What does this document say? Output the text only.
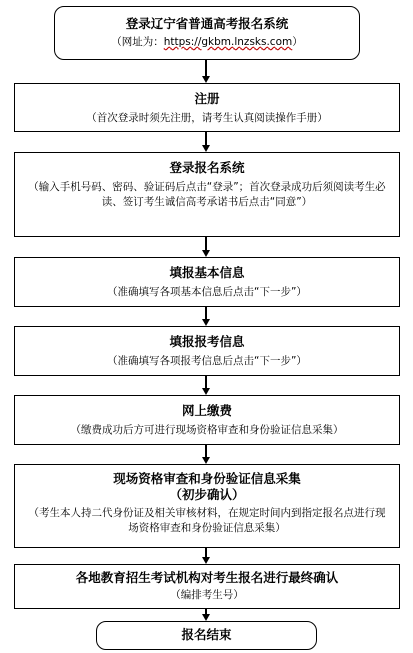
登录辽宁省普通高考报名系统
（网址为：https://gkbm.lnzsks.com）
注册
（首次登录时须先注册，请考生认真阅读操作手册）
登录报名系统
（输入手机号码、密码、验证码后点击“登录”；首次登录成功后须阅读考生必读、签订考生诚信高考承诺书后点击“同意”）
填报基本信息
（准确填写各项基本信息后点击“下一步”）
填报报考信息
（准确填写各项报考信息后点击“下一步”）
网上缴费
（缴费成功后方可进行现场资格审查和身份验证信息采集）
现场资格审查和身份验证信息采集
（初步确认）
（考生本人持二代身份证及相关审核材料，在规定时间内到指定报名点进行现场资格审查和身份验证信息采集）
各地教育招生考试机构对考生报名进行最终确认
（编排考生号）
报名结束
